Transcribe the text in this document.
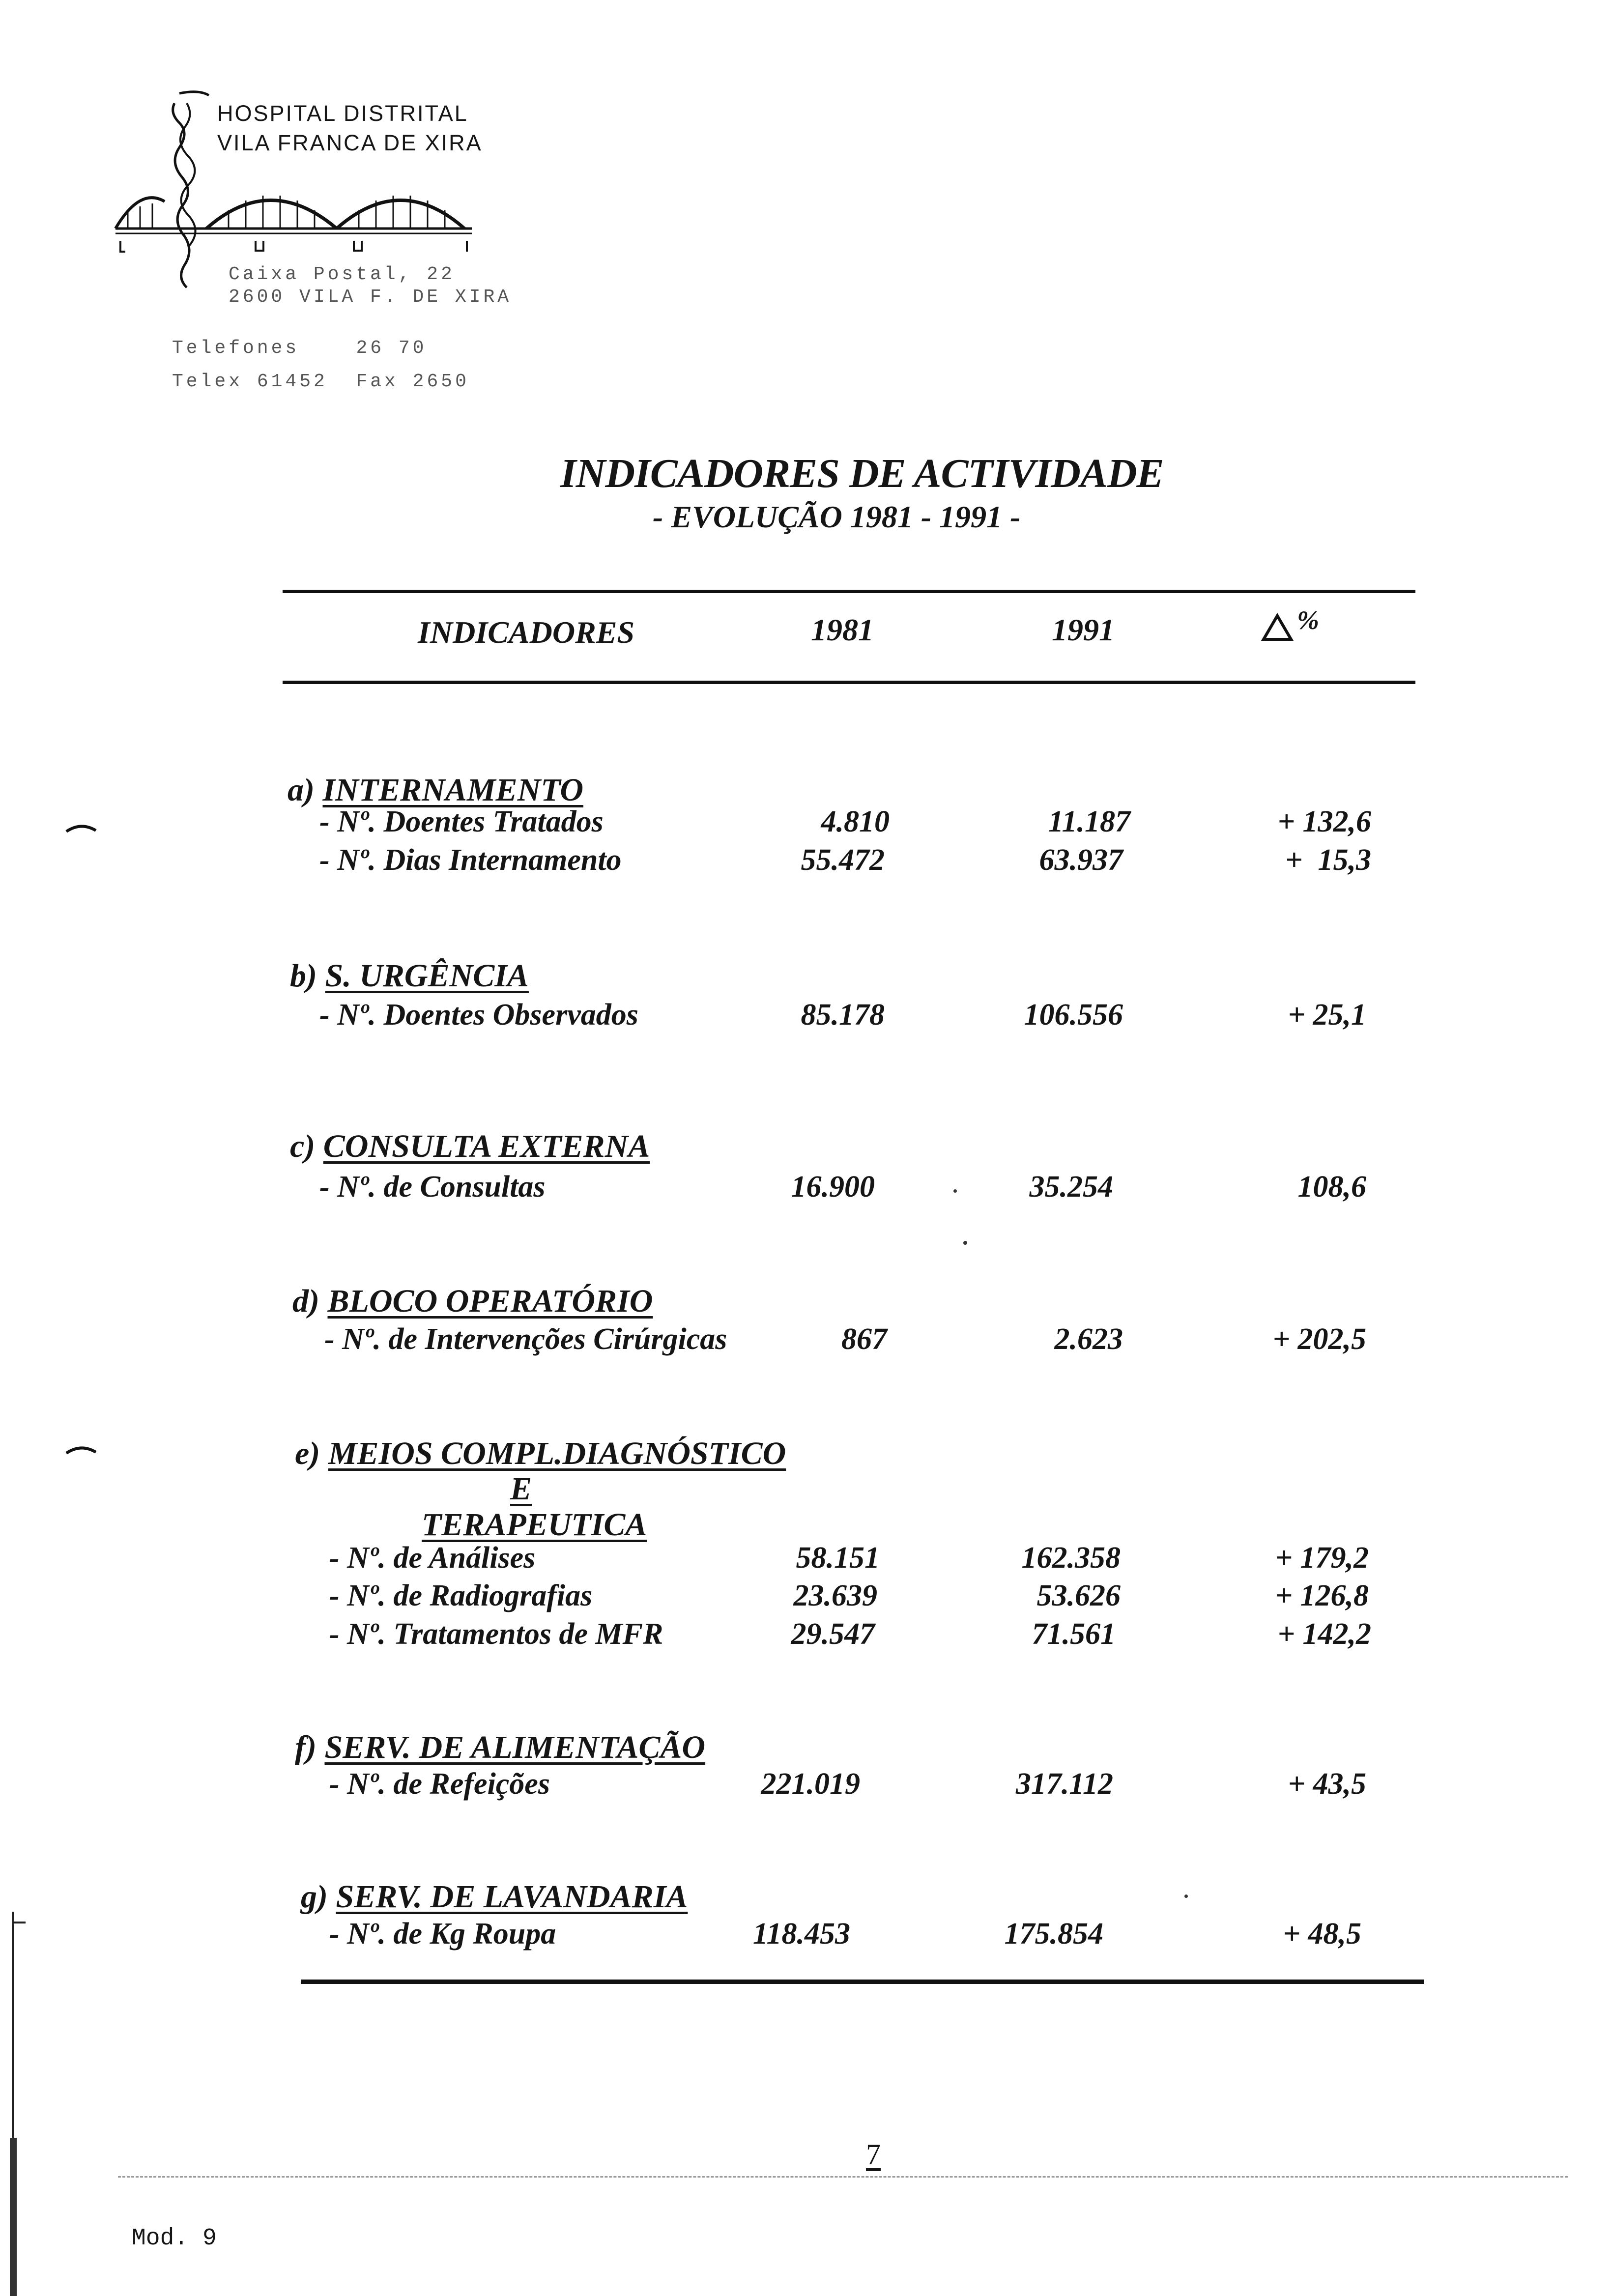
HOSPITAL DISTRITAL
VILA FRANCA DE XIRA
Caixa Postal, 22
2600 VILA F. DE XIRA
Telefones    26 70
Telex 61452  Fax 2650
INDICADORES DE ACTIVIDADE
- EVOLUÇÃO 1981 - 1991 -
INDICADORES	1981	1991	%
a) INTERNAMENTO
- Nº. Doentes Tratados	4.810	11.187	+ 132,6
- Nº. Dias Internamento	55.472	63.937	+  15,3
b) S. URGÊNCIA
- Nº. Doentes Observados	85.178	106.556	+ 25,1
c) CONSULTA EXTERNA
- Nº. de Consultas	16.900	35.254	108,6
d) BLOCO OPERATÓRIO
- Nº. de Intervenções Cirúrgicas	867	2.623	+ 202,5
e) MEIOS COMPL.DIAGNÓSTICO
E
TERAPEUTICA
- Nº. de Análises	58.151	162.358	+ 179,2
- Nº. de Radiografias	23.639	53.626	+ 126,8
- Nº. Tratamentos de MFR	29.547	71.561	+ 142,2
f) SERV. DE ALIMENTAÇÃO
- Nº. de Refeições	221.019	317.112	+ 43,5
g) SERV. DE LAVANDARIA
- Nº. de Kg Roupa	118.453	175.854	+ 48,5
7
Mod. 9
